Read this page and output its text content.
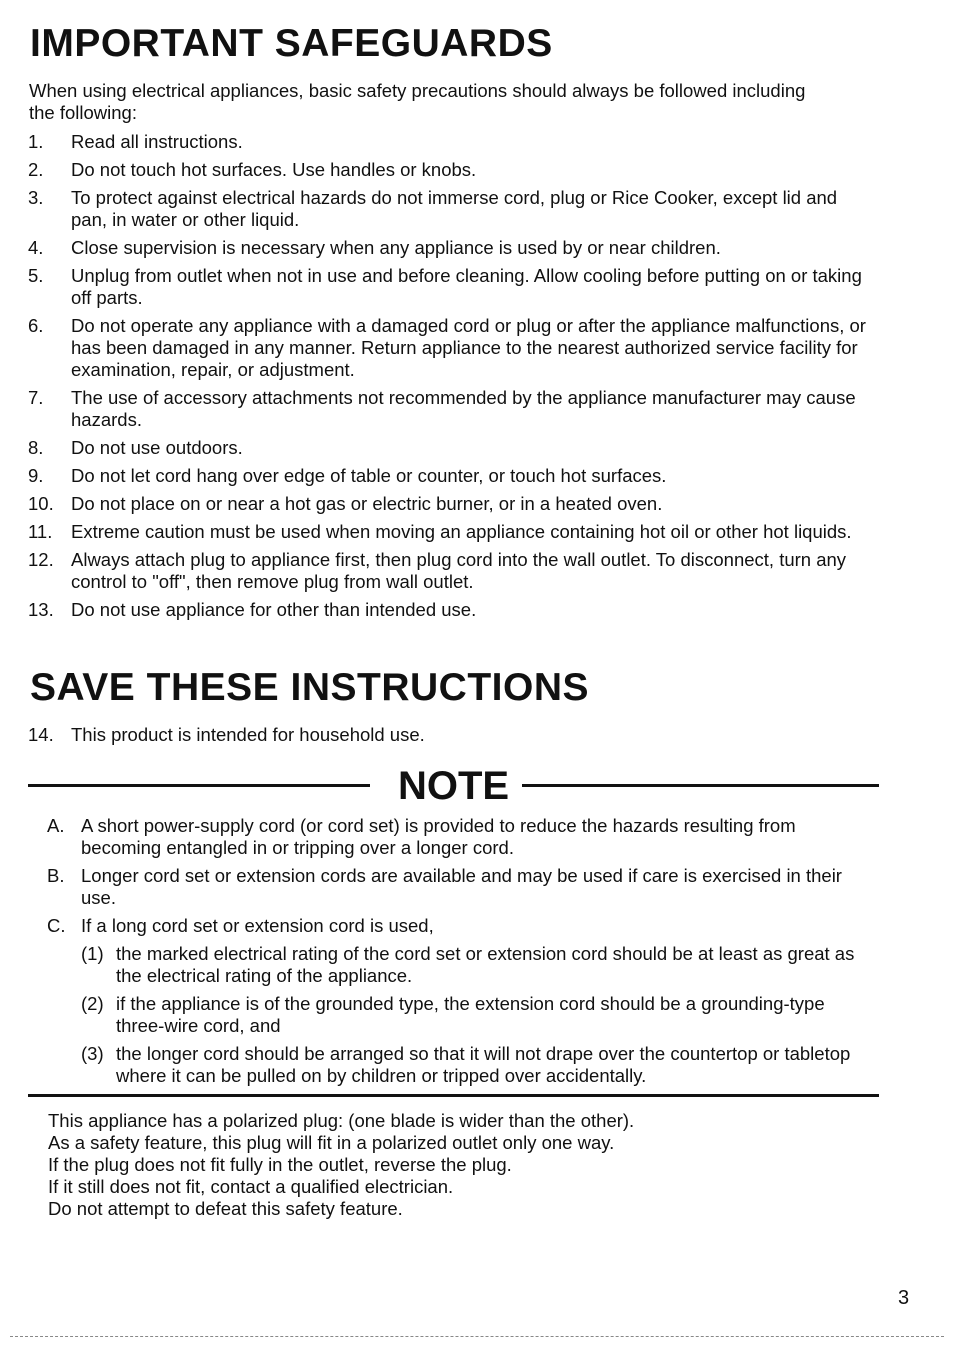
IMPORTANT SAFEGUARDS

When using electrical appliances, basic safety precautions should always be followed including the following:

1. Read all instructions.
2. Do not touch hot surfaces. Use handles or knobs.
3. To protect against electrical hazards do not immerse cord, plug or Rice Cooker, except lid and pan, in water or other liquid.
4. Close supervision is necessary when any appliance is used by or near children.
5. Unplug from outlet when not in use and before cleaning. Allow cooling before putting on or taking off parts.
6. Do not operate any appliance with a damaged cord or plug or after the appliance malfunctions, or has been damaged in any manner. Return appliance to the nearest authorized service facility for examination, repair, or adjustment.
7. The use of accessory attachments not recommended by the appliance manufacturer may cause hazards.
8. Do not use outdoors.
9. Do not let cord hang over edge of table or counter, or touch hot surfaces.
10. Do not place on or near a hot gas or electric burner, or in a heated oven.
11. Extreme caution must be used when moving an appliance containing hot oil or other hot liquids.
12. Always attach plug to appliance first, then plug cord into the wall outlet. To disconnect, turn any control to "off", then remove plug from wall outlet.
13. Do not use appliance for other than intended use.
SAVE THESE INSTRUCTIONS
14. This product is intended for household use.
NOTE
A. A short power-supply cord (or cord set) is provided to reduce the hazards resulting from becoming entangled in or tripping over a longer cord.
B. Longer cord set or extension cords are available and may be used if care is exercised in their use.
C. If a long cord set or extension cord is used,
(1) the marked electrical rating of the cord set or extension cord should be at least as great as the electrical rating of the appliance.
(2) if the appliance is of the grounded type, the extension cord should be a grounding-type three-wire cord, and
(3) the longer cord should be arranged so that it will not drape over the countertop or tabletop where it can be pulled on by children or tripped over accidentally.
This appliance has a polarized plug: (one blade is wider than the other).
As a safety feature, this plug will fit in a polarized outlet only one way.
If the plug does not fit fully in the outlet, reverse the plug.
If it still does not fit, contact a qualified electrician.
Do not attempt to defeat this safety feature.
3
